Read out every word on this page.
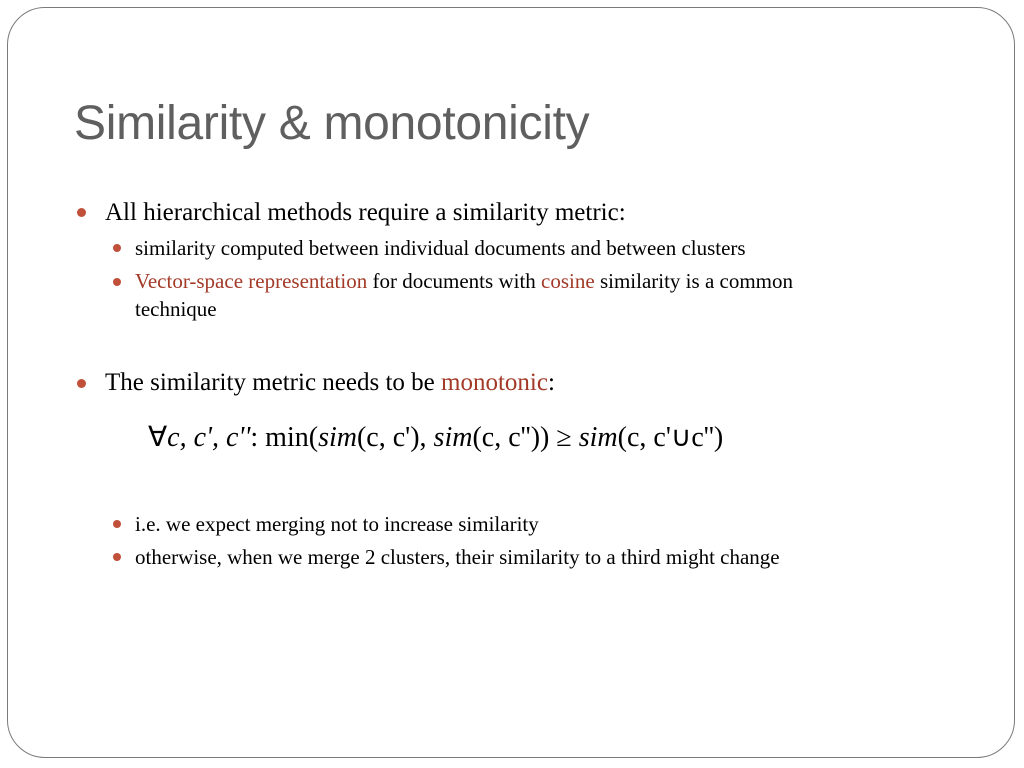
Similarity & monotonicity
All hierarchical methods require a similarity metric:
similarity computed between individual documents and between clusters
Vector-space representation for documents with cosine similarity is a common
technique
The similarity metric needs to be monotonic:
∀c, c', c'': min(sim(c, c'), sim(c, c'')) ≥ sim(c, c'∪c'')
i.e. we expect merging not to increase similarity
otherwise, when we merge 2 clusters, their similarity to a third might change
